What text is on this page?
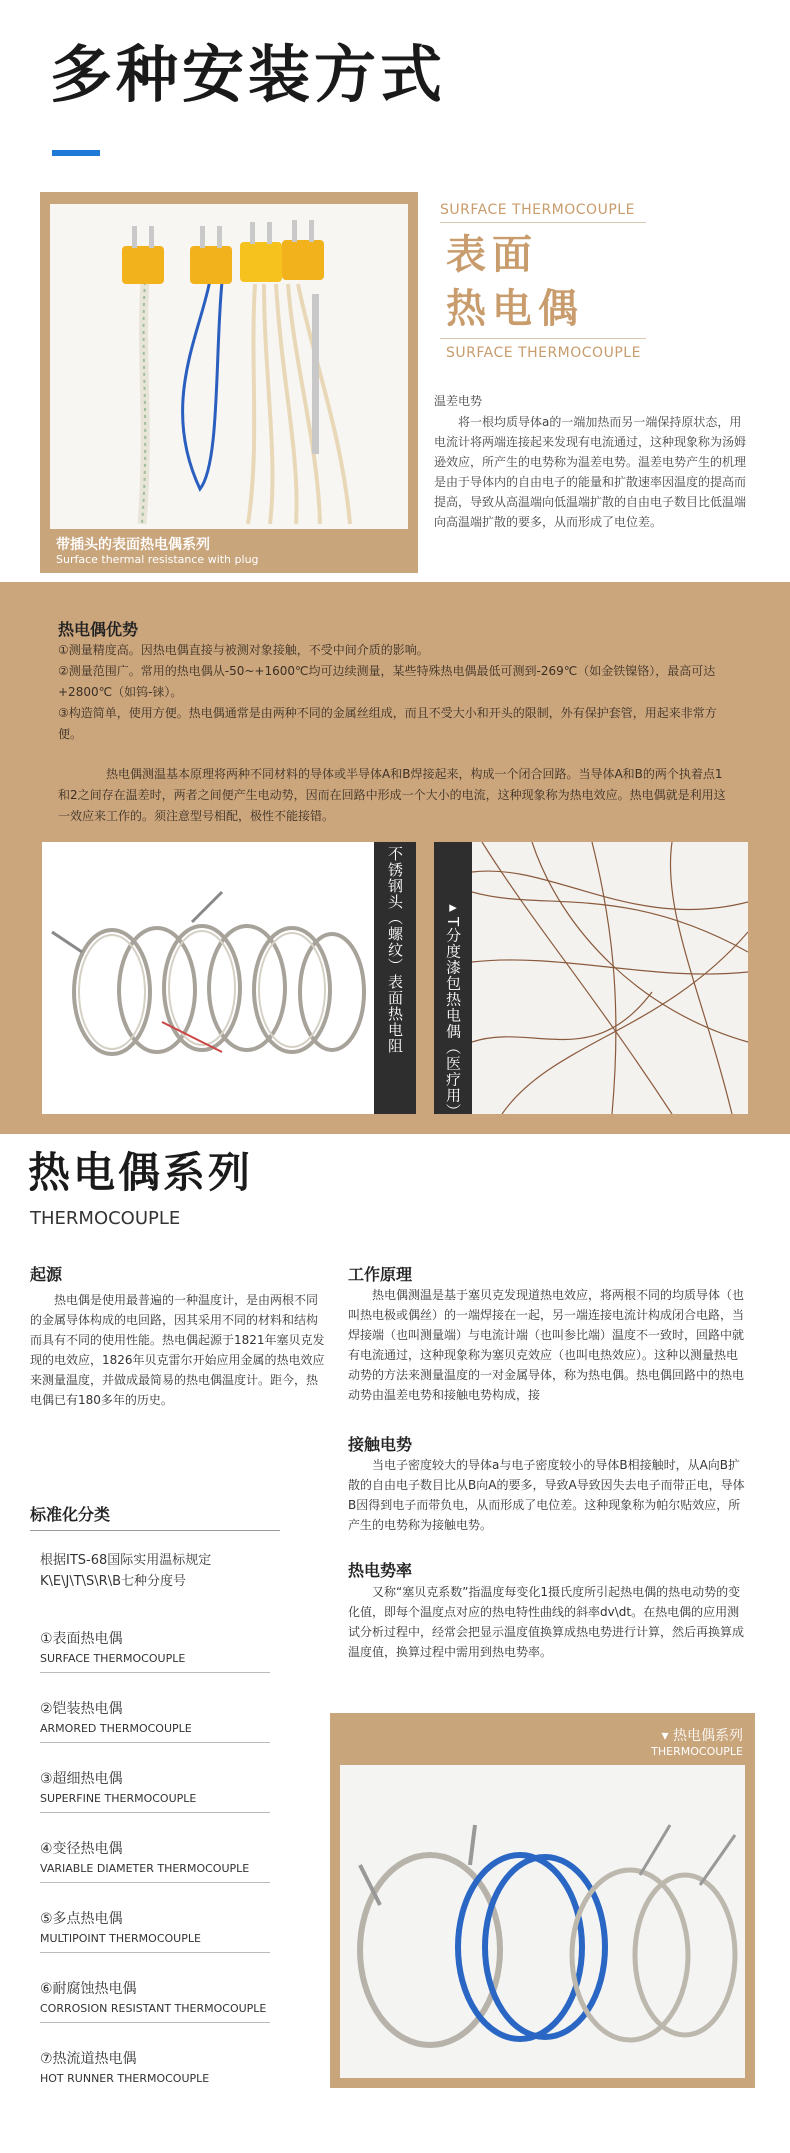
多种安装方式
带插头的表面热电偶系列
Surface thermal resistance with plug
SURFACE THERMOCOUPLE
表面
热电偶
SURFACE THERMOCOUPLE
温差电势
将一根均质导体a的一端加热而另一端保持原状态，用电流计将两端连接起来发现有电流通过，这种现象称为汤姆逊效应，所产生的电势称为温差电势。温差电势产生的机理是由于导体内的自由电子的能量和扩散速率因温度的提高而提高，导致从高温端向低温端扩散的自由电子数目比低温端向高温端扩散的要多，从而形成了电位差。
热电偶优势
①测量精度高。因热电偶直接与被测对象接触，不受中间介质的影响。
②测量范围广。常用的热电偶从-50~+1600℃均可边续测量，某些特殊热电偶最低可测到-269℃（如金铁镍铬），最高可达+2800℃（如钨-铼）。
③构造简单，使用方便。热电偶通常是由两种不同的金属丝组成，而且不受大小和开头的限制，外有保护套管，用起来非常方便。
热电偶测温基本原理将两种不同材料的导体或半导体A和B焊接起来，构成一个闭合回路。当导体A和B的两个执着点1和2之间存在温差时，两者之间便产生电动势，因而在回路中形成一个大小的电流，这种现象称为热电效应。热电偶就是利用这一效应来工作的。须注意型号相配，极性不能接错。
不锈钢头（螺纹）表面热电阻	▸T分度漆包热电偶（医疗用）
热电偶系列
THERMOCOUPLE
起源
热电偶是使用最普遍的一种温度计，是由两根不同的金属导体构成的电回路，因其采用不同的材料和结构而具有不同的使用性能。热电偶起源于1821年塞贝克发现的电效应，1826年贝克雷尔开始应用金属的热电效应来测量温度，并做成最简易的热电偶温度计。距今，热电偶已有180多年的历史。
工作原理
热电偶测温是基于塞贝克发现道热电效应，将两根不同的均质导体（也叫热电极或偶丝）的一端焊接在一起，另一端连接电流计构成闭合电路，当焊接端（也叫测量端）与电流计端（也叫参比端）温度不一致时，回路中就有电流通过，这种现象称为塞贝克效应（也叫电热效应）。这种以测量热电动势的方法来测量温度的一对金属导体，称为热电偶。热电偶回路中的热电动势由温差电势和接触电势构成，接
接触电势
当电子密度较大的导体a与电子密度较小的导体B相接触时，从A向B扩散的自由电子数目比从B向A的要多，导致A导致因失去电子而带正电，导体B因得到电子而带负电，从而形成了电位差。这种现象称为帕尔贴效应，所产生的电势称为接触电势。
热电势率
又称“塞贝克系数”指温度每变化1摄氏度所引起热电偶的热电动势的变化值，即每个温度点对应的热电特性曲线的斜率dv\dt。在热电偶的应用测试分析过程中，经常会把显示温度值换算成热电势进行计算，然后再换算成温度值，换算过程中需用到热电势率。
标准化分类
根据ITS-68国际实用温标规定K\E\J\T\S\R\B七种分度号
①表面热电偶
SURFACE THERMOCOUPLE
②铠装热电偶
ARMORED THERMOCOUPLE
③超细热电偶
SUPERFINE THERMOCOUPLE
④变径热电偶
VARIABLE DIAMETER THERMOCOUPLE
⑤多点热电偶
MULTIPOINT THERMOCOUPLE
⑥耐腐蚀热电偶
CORROSION RESISTANT THERMOCOUPLE
⑦热流道热电偶
HOT RUNNER THERMOCOUPLE
▾ 热电偶系列
THERMOCOUPLE
